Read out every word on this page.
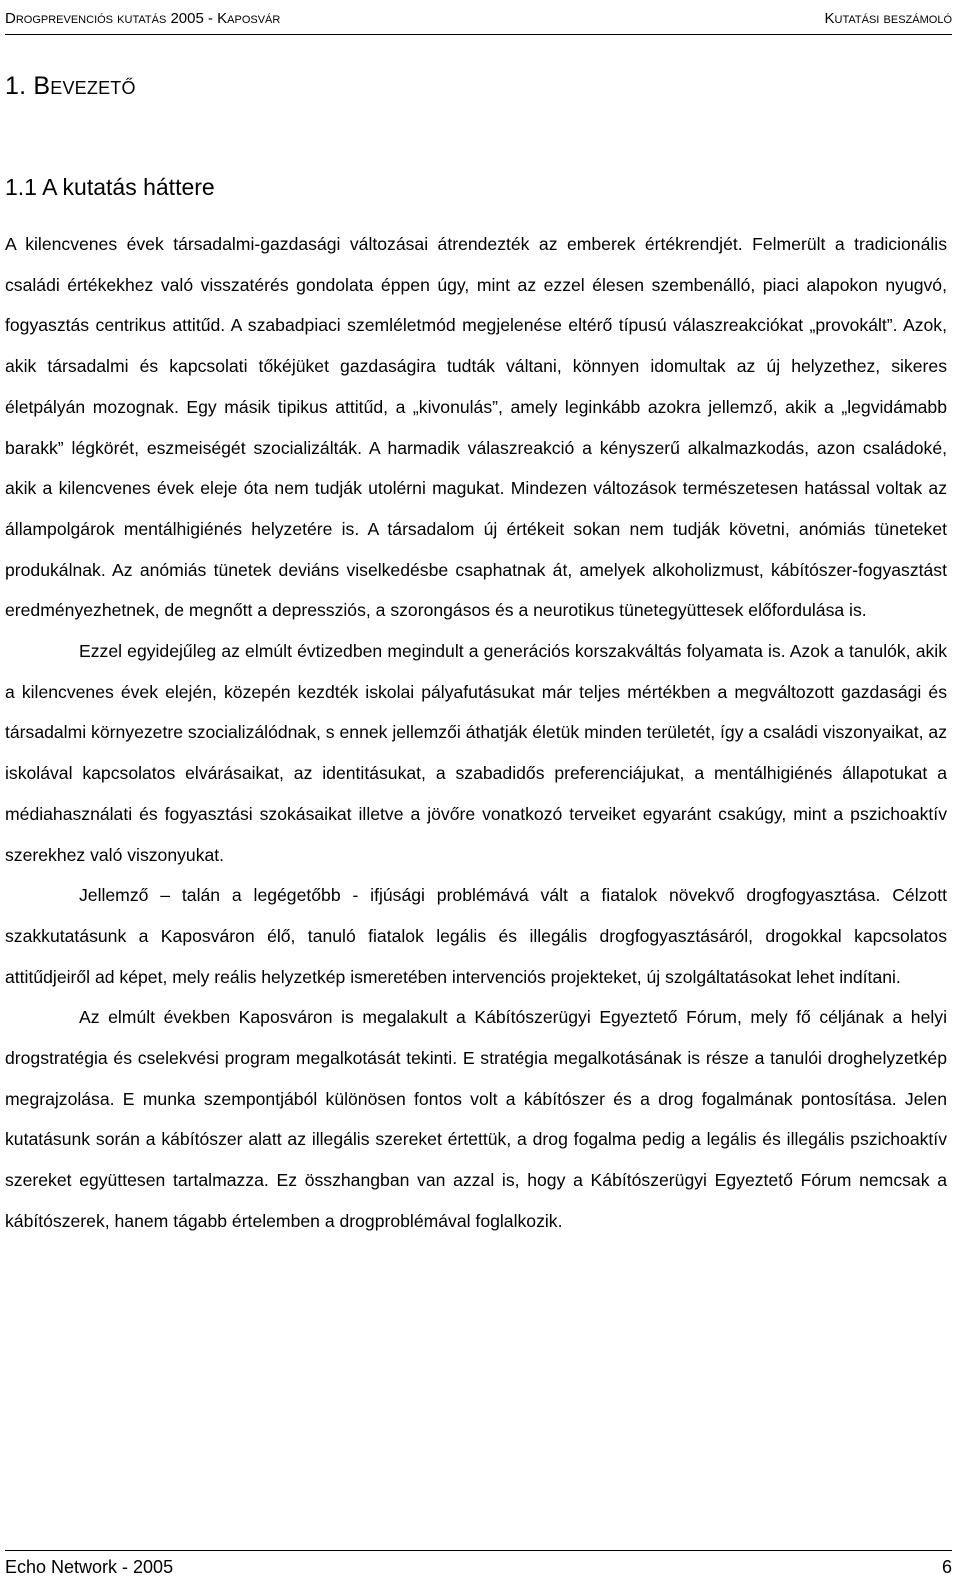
Drogprevenciós kutatás 2005 - Kaposvár	Kutatási beszámoló
1. Bevezető
1.1 A kutatás háttere

A kilencvenes évek társadalmi-gazdasági változásai átrendezték az emberek értékrendjét. Felmerült a tradicionális családi értékekhez való visszatérés gondolata éppen úgy, mint az ezzel élesen szembenálló, piaci alapokon nyugvó, fogyasztás centrikus attitűd. A szabadpiaci szemléletmód megjelenése eltérő típusú válaszreakciókat „provokált”. Azok, akik társadalmi és kapcsolati tőkéjüket gazdaságira tudták váltani, könnyen idomultak az új helyzethez, sikeres életpályán mozognak. Egy másik tipikus attitűd, a „kivonulás”, amely leginkább azokra jellemző, akik a „legvidámabb barakk” légkörét, eszmeiségét szocializálták. A harmadik válaszreakció a kényszerű alkalmazkodás, azon családoké, akik a kilencvenes évek eleje óta nem tudják utolérni magukat. Mindezen változások természetesen hatással voltak az állampolgárok mentálhigiénés helyzetére is. A társadalom új értékeit sokan nem tudják követni, anómiás tüneteket produkálnak. Az anómiás tünetek deviáns viselkedésbe csaphatnak át, amelyek alkoholizmust, kábítószer-fogyasztást eredményezhetnek, de megnőtt a depressziós, a szorongásos és a neurotikus tünetegyüttesek előfordulása is.

Ezzel egyidejűleg az elmúlt évtizedben megindult a generációs korszakváltás folyamata is. Azok a tanulók, akik a kilencvenes évek elején, közepén kezdték iskolai pályafutásukat már teljes mértékben a megváltozott gazdasági és társadalmi környezetre szocializálódnak, s ennek jellemzői áthatják életük minden területét, így a családi viszonyaikat, az iskolával kapcsolatos elvárásaikat, az identitásukat, a szabadidős preferenciájukat, a mentálhigiénés állapotukat a médiahasználati és fogyasztási szokásaikat illetve a jövőre vonatkozó terveiket egyaránt csakúgy, mint a pszichoaktív szerekhez való viszonyukat.

Jellemző – talán a legégetőbb - ifjúsági problémává vált a fiatalok növekvő drogfogyasztása. Célzott szakkutatásunk a Kaposváron élő, tanuló fiatalok legális és illegális drogfogyasztásáról, drogokkal kapcsolatos attitűdjeiről ad képet, mely reális helyzetkép ismeretében intervenciós projekteket, új szolgáltatásokat lehet indítani.

Az elmúlt években Kaposváron is megalakult a Kábítószerügyi Egyeztető Fórum, mely fő céljának a helyi drogstratégia és cselekvési program megalkotását tekinti. E stratégia megalkotásának is része a tanulói droghelyzetkép megrajzolása. E munka szempontjából különösen fontos volt a kábítószer és a drog fogalmának pontosítása. Jelen kutatásunk során a kábítószer alatt az illegális szereket értettük, a drog fogalma pedig a legális és illegális pszichoaktív szereket együttesen tartalmazza. Ez összhangban van azzal is, hogy a Kábítószerügyi Egyeztető Fórum nemcsak a kábítószerek, hanem tágabb értelemben a drogproblémával foglalkozik.

Echo Network - 2005	6
